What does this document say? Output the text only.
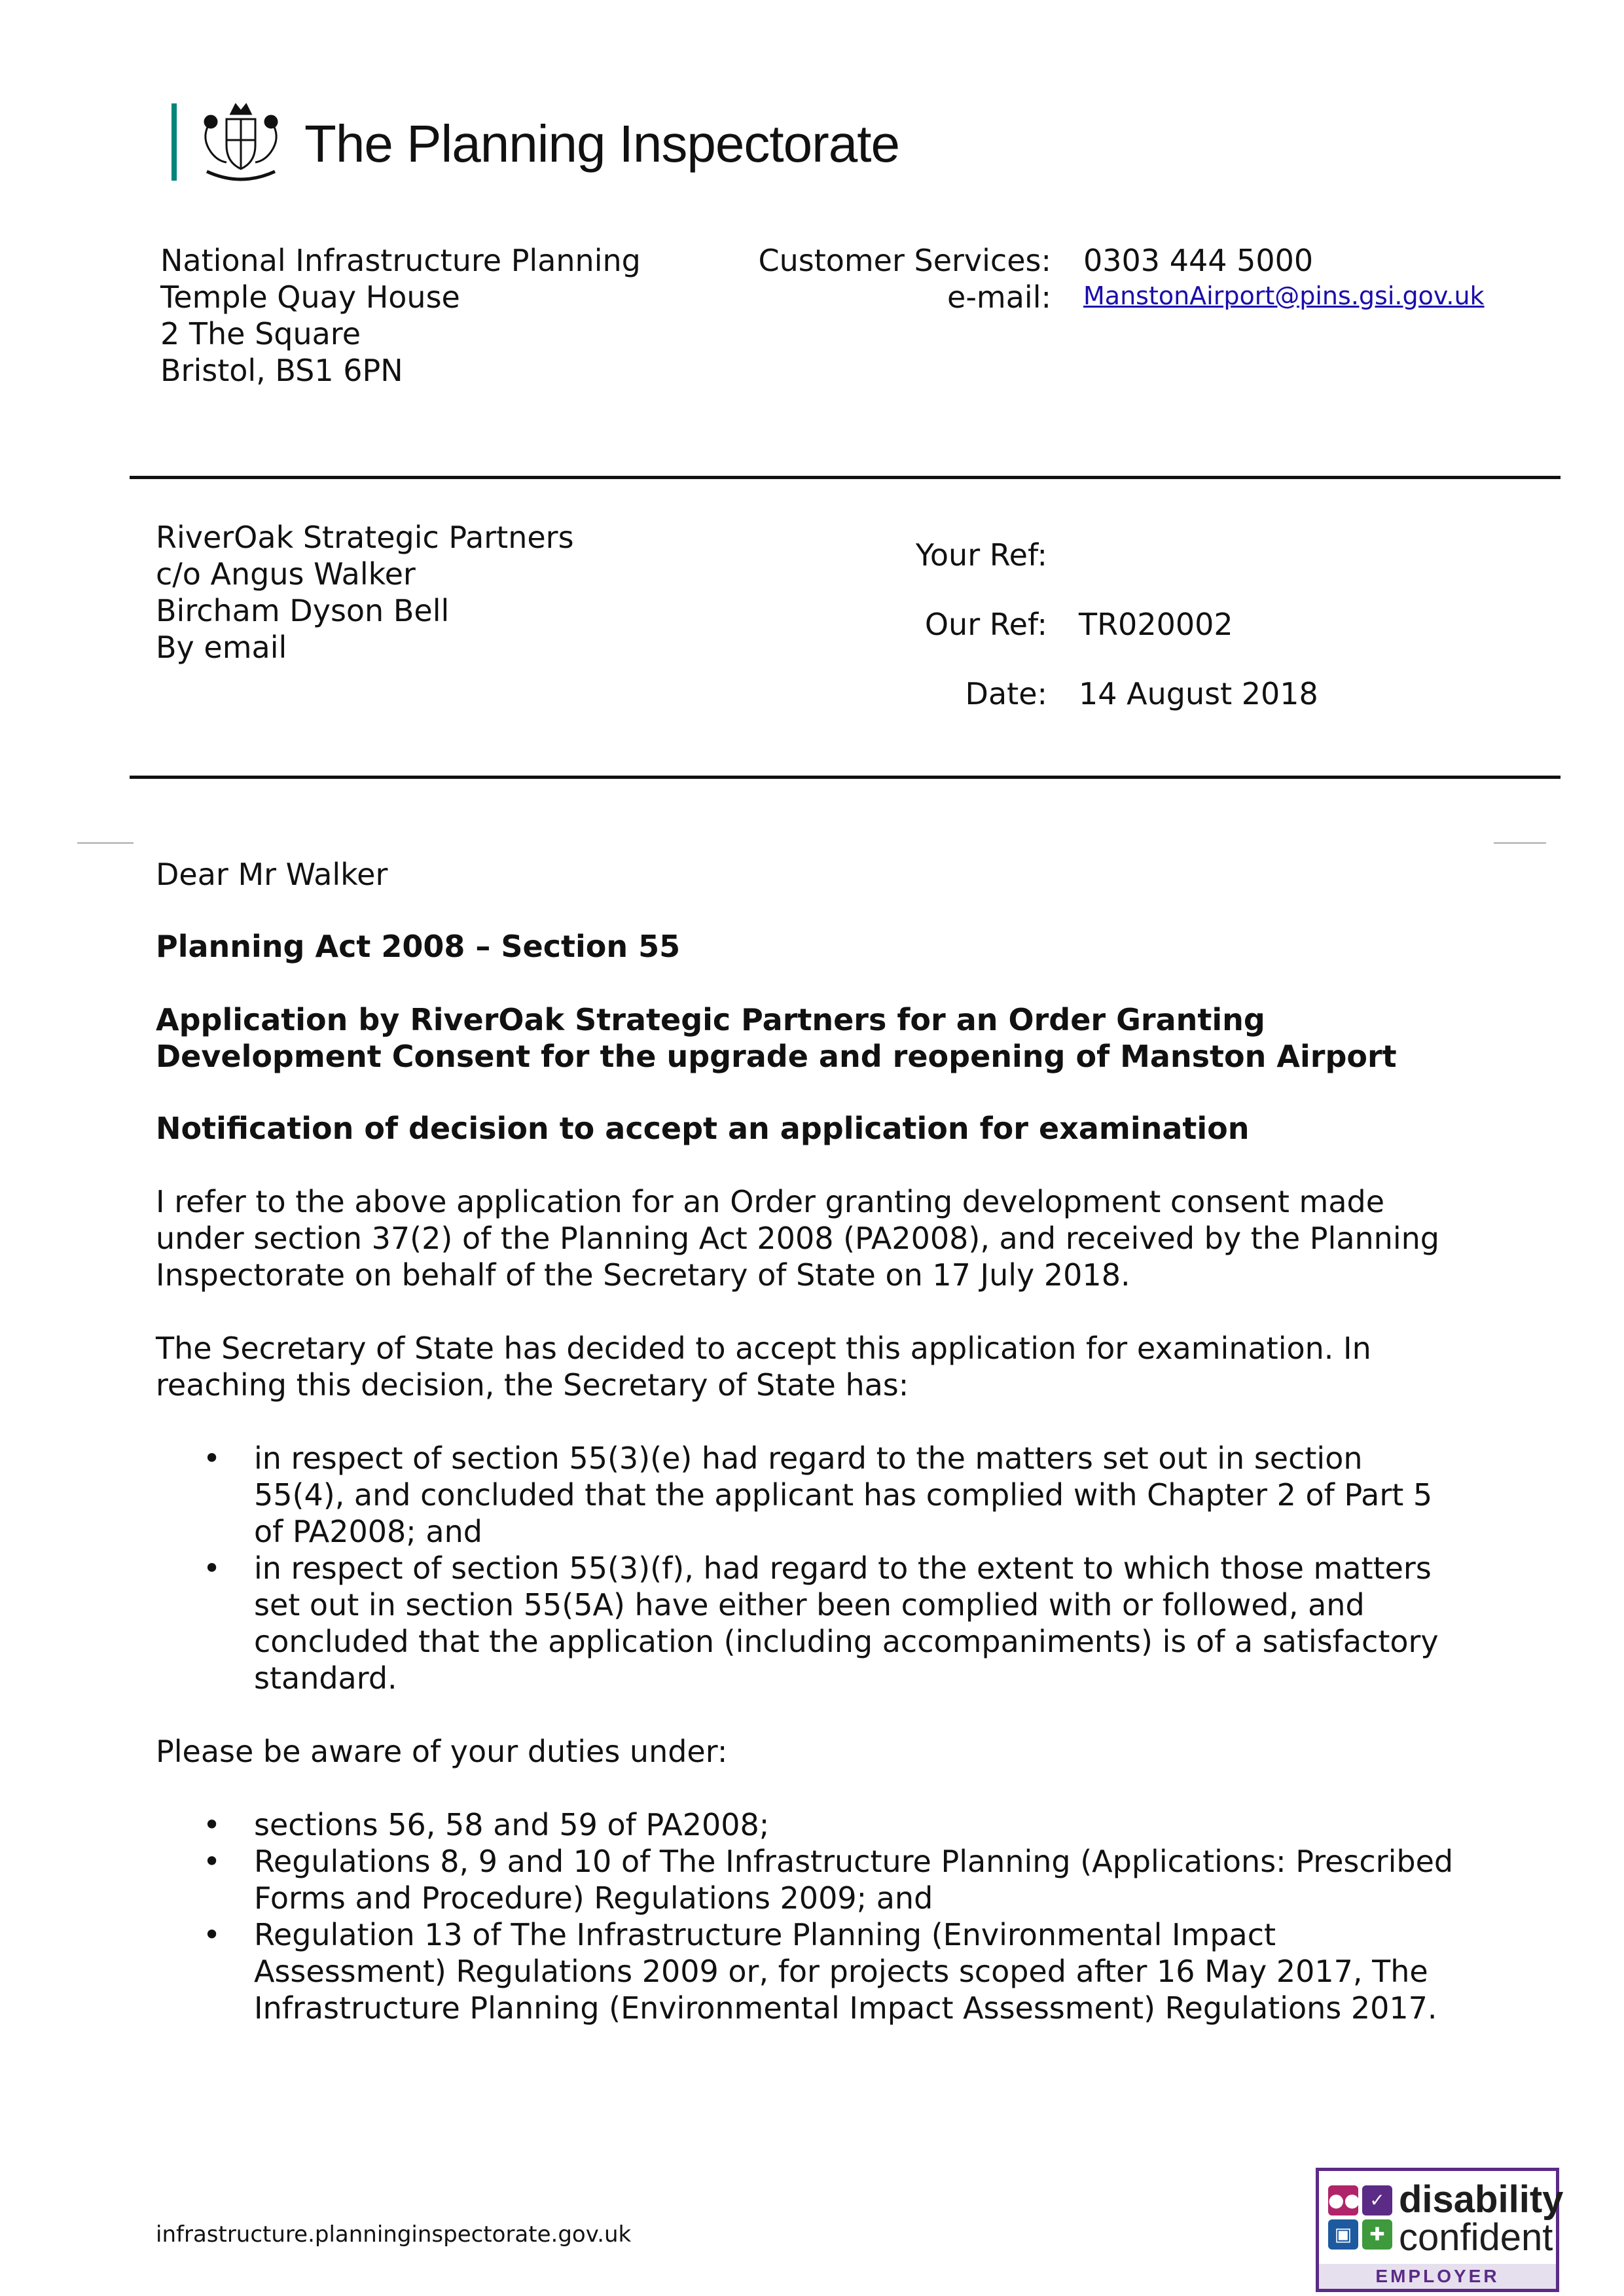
The Planning Inspectorate
National Infrastructure Planning
Temple Quay House
2 The Square
Bristol, BS1 6PN
Customer Services: 0303 444 5000
e-mail: ManstonAirport@pins.gsi.gov.uk
RiverOak Strategic Partners
c/o Angus Walker
Bircham Dyson Bell
By email
Your Ref:
Our Ref: TR020002
Date: 14 August 2018
Dear Mr Walker
Planning Act 2008 – Section 55
Application by RiverOak Strategic Partners for an Order Granting
Development Consent for the upgrade and reopening of Manston Airport
Notification of decision to accept an application for examination
I refer to the above application for an Order granting development consent made
under section 37(2) of the Planning Act 2008 (PA2008), and received by the Planning
Inspectorate on behalf of the Secretary of State on 17 July 2018.
The Secretary of State has decided to accept this application for examination. In
reaching this decision, the Secretary of State has:
• in respect of section 55(3)(e) had regard to the matters set out in section
55(4), and concluded that the applicant has complied with Chapter 2 of Part 5
of PA2008; and
• in respect of section 55(3)(f), had regard to the extent to which those matters
set out in section 55(5A) have either been complied with or followed, and
concluded that the application (including accompaniments) is of a satisfactory
standard.
Please be aware of your duties under:
• sections 56, 58 and 59 of PA2008;
• Regulations 8, 9 and 10 of The Infrastructure Planning (Applications: Prescribed
Forms and Procedure) Regulations 2009; and
• Regulation 13 of The Infrastructure Planning (Environmental Impact
Assessment) Regulations 2009 or, for projects scoped after 16 May 2017, The
Infrastructure Planning (Environmental Impact Assessment) Regulations 2017.
infrastructure.planninginspectorate.gov.uk
●● ✓
▣ ✚
disability
confident
EMPLOYER
